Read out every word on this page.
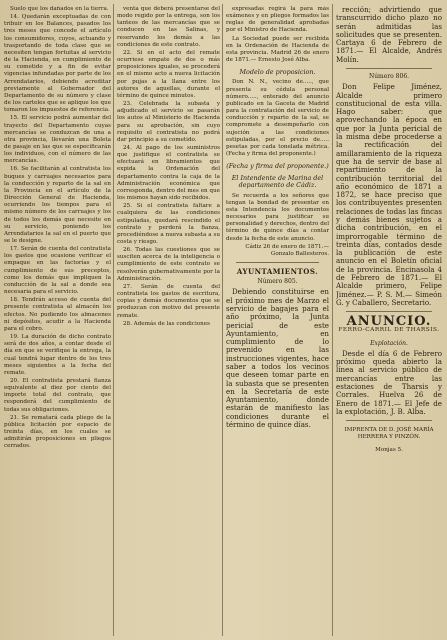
Suelo que los dañados en la tierra.

14. Quedarán exceptuadas de con tribuir en los Balances, pasados los tres meses que concede el artículo los consumidores, cuyos, actuando y trasportando de toda clase que se necesiten tengan fortuitas al servicio de la Hacienda, en cumplimiento de su cometido y a fin de evitar vigencias infundadas por parte de los Arrendatarios, debiendo acreditar previamente al Gobernador del Departamento de su número y clase de los carteles que se aplique los que tomaron los impuestos de referencia.

15. El servicio podrá aumentar del trayecto del Departamento cuyas mercancías se conduzcan de una a otra provincia, llevarán una Boleta de pasaje en las que se especificarán los individuos, con el número de las mercancías.

16. Se facilitarán al contratista los buques y carruajes necesarios para la conducción y reparto de la sal en la Provincia en el artículo de la Dirección General de Hacienda, ocurriendo los tiempos para el mismo número de los carruajes y los de todos los demás que necesite en su servicio, poniendo los Arrendatarios la sal en el puerto que se le designe.

17. Serán de cuenta del contratista los gastos que ocasione verificar el empaque en las factorías y el cumplimiento de sus preceptos, como los demás que impliquen la conducción de la sal a donde sea necesaria para el servicio.

18. Tendrán acceso de cuenta del presente contratista al almacén los efectos. No pudiendo los almacenes ni depósitos, acudir a la Hacienda para el cobro.

19. La duración de dicho contrato será de dos años, a contar desde el día en que se verifique la entrega, la cual tendrá lugar dentro de los tres meses siguientes a la fecha del remate.

20. El contratista prestará fianza equivalente al diez por ciento del importe total del contrato, que responderá del cumplimiento de todas sus obligaciones.

21. Se rematará cada pliego de la pública licitación por espacio de treinta días, en los cuales se admitirán proposiciones en pliegos cerrados.

venta que deberá presentarse del modo regido por la entrega, son los tanteos de las mercancías que se conducen en las Salinas, y reservando los demás a las condiciones de este contrato.

22. Si en el acto del remate ocurriese empate de dos o más proposiciones iguales, se procederá en el mismo acto a nueva licitación por pujas a la llana entre los autores de aquellas, durante el término de quince minutos.

23. Celebrada la subasta y adjudicado el servicio se pasarán los autos al Ministerio de Hacienda para su aprobación, sin cuyo requisito el contratista no podrá dar principio a su cometido.

24. Al pago de los suministros que justifique el contratista se efectuará en libramientos que expida la Ordenación del departamento contra la caja de la Administración económica que corresponda, dentro del mes en que los mismos hayan sido recibidos.

25. Si el contratista faltare a cualquiera de las condiciones estipuladas, quedará rescindido el contrato y perderá la fianza, procediéndose a nueva subasta a su costa y riesgo.

26. Todas las cuestiones que se susciten acerca de la inteligencia o cumplimiento de este contrato se resolverán gubernativamente por la Administración.

27. Serán de cuenta del contratista los gastos de escritura, copias y demás documentos que se produzcan con motivo del presente remate.

28. Además de las condiciones

expresadas regirá la para más exámenes y en pliegos formados las reglas de generalidad aprobadas por el Ministro de Hacienda.

La Sociedad puede ser recibida en la Ordenación de Hacienda de esta provincia. Madrid 26 de enero de 1871.— Ernesto José Alba.

Modelo de proposicion.

Don N. N., vecino de....., que presenta su cédula personal número....., enterado del anuncio publicado en la Gaceta de Madrid para la contratación del servicio de conducción y reparto de la sal, se compromete a desempeñarlo con sujeción a las condiciones estipuladas, por el precio de..... pesetas por cada tonelada métrica. (Fecha y firma del proponente.)

(Fecha y firma del proponente.)
El Intendente de Marina del departamento de Cádiz.

Se recuerda a los señores que tengan la bondad de presentar en esta Intendencia los documentos necesarios para justificar su personalidad y derechos, dentro del término de quince días a contar desde la fecha de este anuncio.

Cádiz 26 de enero de 1871.— Gonzalo Ballesteros.
AYUNTAMIENTOS.
Número 805.

Debiendo constituirse en el próximo mes de Marzo el servicio de bagajes para el año próximo, la Junta pericial de este Ayuntamiento, en cumplimiento de lo prevenido en las instrucciones vigentes, hace saber a todos los vecinos que deseen tomar parte en la subasta que se presenten en la Secretaría de este Ayuntamiento, donde estarán de manifiesto las condiciones durante el término de quince días.

rección; advirtiendo que transcurrido dicho plazo no serán admitidas las solicitudes que se presenten. Cartaya 6 de Febrero de 1871.— El Alcalde, Andrés Molín.

Número 806.

Don Felipe Jiménez, Alcalde primero constitucional de esta villa. Hago saber: que aprovechando la época en que por la Junta pericial de la misma debe procederse a la rectificación del amillaramiento de la riqueza que ha de servir de base al repartimiento de la contribución territorial del año económico de 1871 a 1872, se hace preciso que los contribuyentes presenten relaciones de todas las fincas y demás bienes sujetos a dicha contribución, en el improrrogable término de treinta días, contados desde la publicación de este anuncio en el Boletín oficial de la provincia. Encinasola 4 de Febrero de 1871.— El Alcalde primero, Felipe Jiménez.— P. S. M.— Simeón G. y Caballero, Secretario.

ANUNCIO.
FERRO-CARRIL DE THARSIS.
Explotación.

Desde el día 6 de Febrero próximo queda abierto la línea al servicio público de mercancías entre las estaciones de Tharsis y Corrales. Huelva 26 de Enero de 1871.— El Jefe de la explotación, J. B. Alba.

IMPRENTA DE D. JOSÉ MARÍA HERRERA Y PINZÓN.
Monjas 5.
